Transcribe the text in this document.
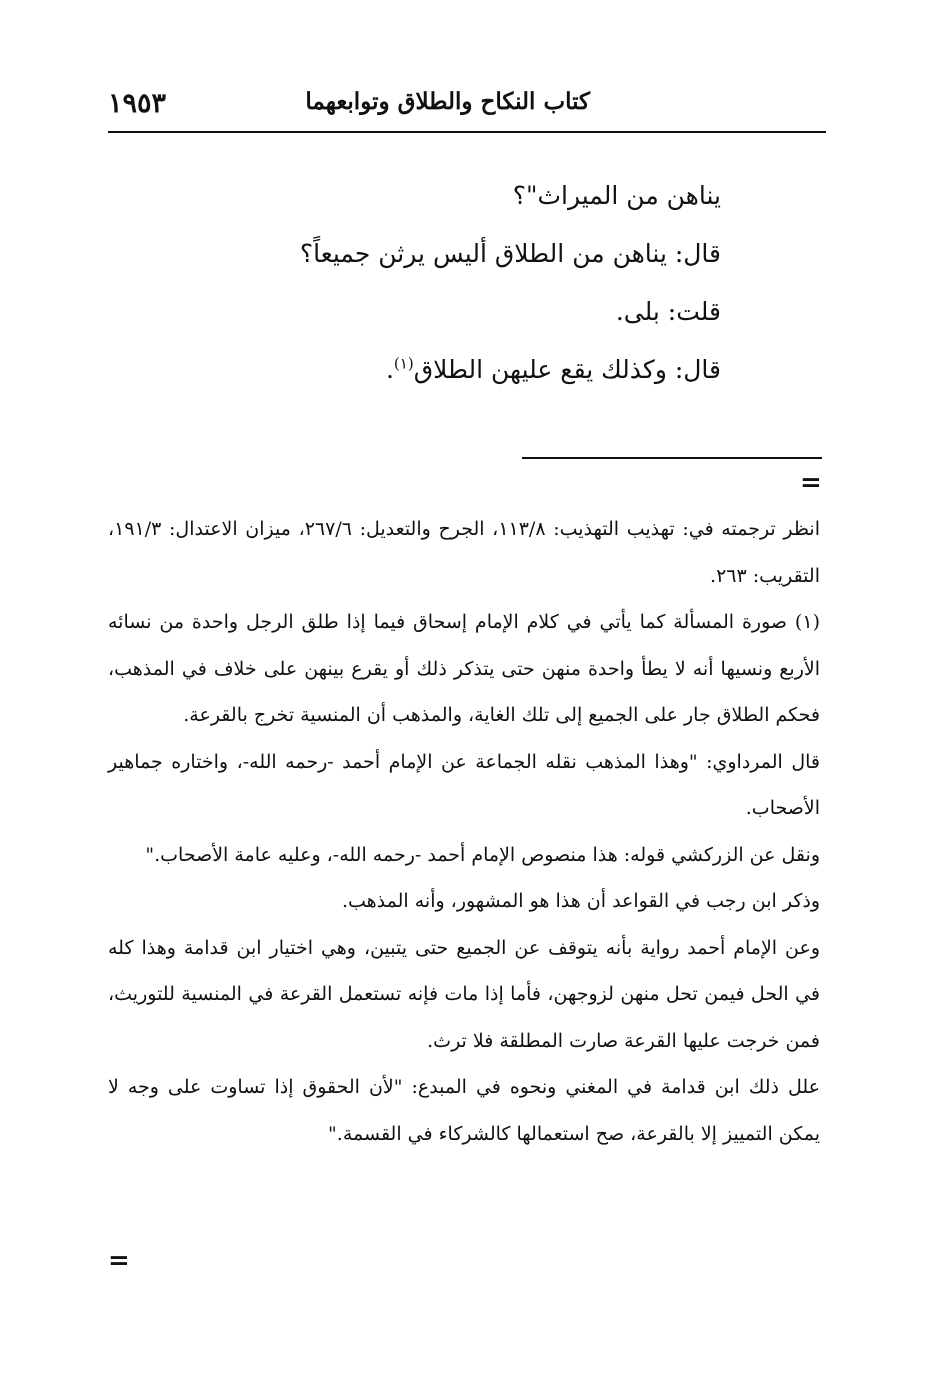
كتاب النكاح والطلاق وتوابعهما
١٩٥٣
يناهن من الميراث"؟
قال: يناهن من الطلاق أليس يرثن جميعاً؟
قلت: بلى.
قال: وكذلك يقع عليهن الطلاق$^{(١)}$.
=
انظر ترجمته في: تهذيب التهذيب: ١١٣/٨، الجرح والتعديل: ٢٦٧/٦، ميزان الاعتدال: ١٩١/٣، التقريب: ٢٦٣.
(١) صورة المسألة كما يأتي في كلام الإمام إسحاق فيما إذا طلق الرجل واحدة من نسائه الأربع ونسيها أنه لا يطأ واحدة منهن حتى يتذكر ذلك أو يقرع بينهن على خلاف في المذهب، فحكم الطلاق جار على الجميع إلى تلك الغاية، والمذهب أن المنسية تخرج بالقرعة.
قال المرداوي: "وهذا المذهب نقله الجماعة عن الإمام أحمد -رحمه الله-، واختاره جماهير الأصحاب.
ونقل عن الزركشي قوله: هذا منصوص الإمام أحمد -رحمه الله-، وعليه عامة الأصحاب."
وذكر ابن رجب في القواعد أن هذا هو المشهور، وأنه المذهب.
وعن الإمام أحمد رواية بأنه يتوقف عن الجميع حتى يتبين، وهي اختيار ابن قدامة وهذا كله في الحل فيمن تحل منهن لزوجهن، فأما إذا مات فإنه تستعمل القرعة في المنسية للتوريث، فمن خرجت عليها القرعة صارت المطلقة فلا ترث.
علل ذلك ابن قدامة في المغني ونحوه في المبدع: "لأن الحقوق إذا تساوت على وجه لا يمكن التمييز إلا بالقرعة، صح استعمالها كالشركاء في القسمة."
=
